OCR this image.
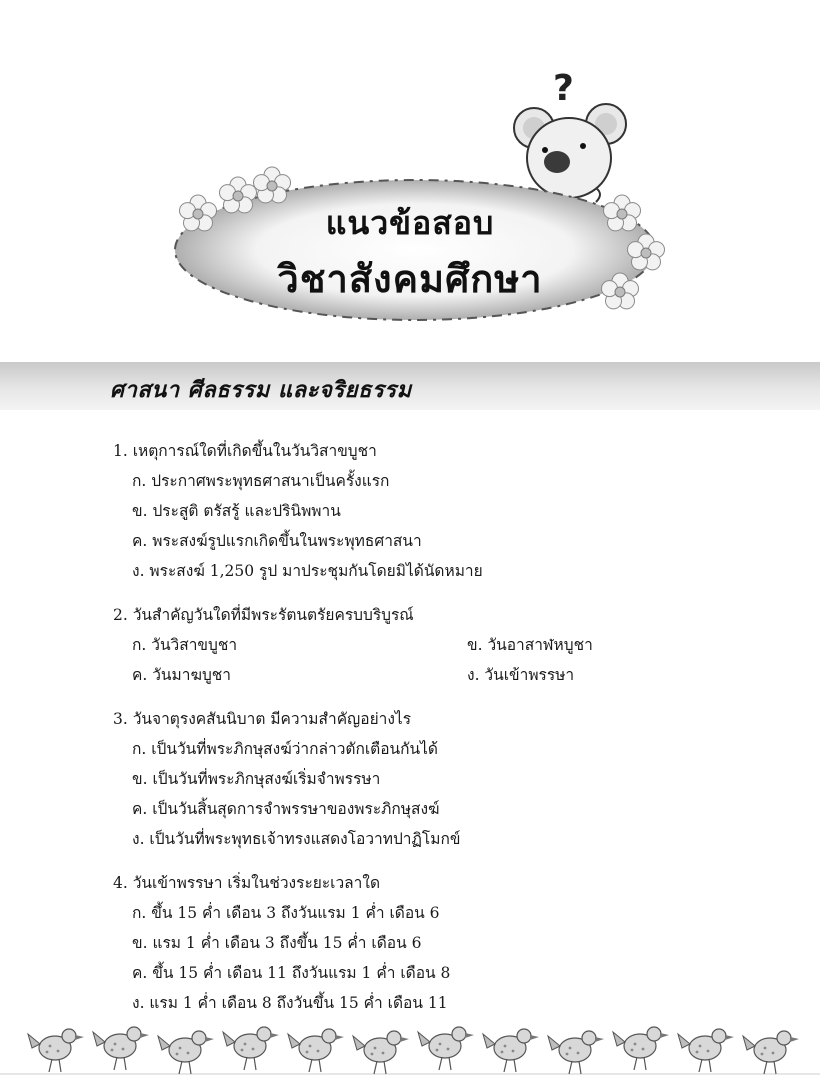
?
แนวข้อสอบ
วิชาสังคมศึกษา
ศาสนา ศีลธรรม และจริยธรรม
1. เหตุการณ์ใดที่เกิดขึ้นในวันวิสาขบูชา
ก. ประกาศพระพุทธศาสนาเป็นครั้งแรก
ข. ประสูติ ตรัสรู้ และปรินิพพาน
ค. พระสงฆ์รูปแรกเกิดขึ้นในพระพุทธศาสนา
ง. พระสงฆ์ 1,250 รูป มาประชุมกันโดยมิได้นัดหมาย
2. วันสำคัญวันใดที่มีพระรัตนตรัยครบบริบูรณ์
ก. วันวิสาขบูชา	ข. วันอาสาฬหบูชา
ค. วันมาฆบูชา	ง. วันเข้าพรรษา
3. วันจาตุรงคสันนิบาต มีความสำคัญอย่างไร
ก. เป็นวันที่พระภิกษุสงฆ์ว่ากล่าวตักเตือนกันได้
ข. เป็นวันที่พระภิกษุสงฆ์เริ่มจำพรรษา
ค. เป็นวันสิ้นสุดการจำพรรษาของพระภิกษุสงฆ์
ง. เป็นวันที่พระพุทธเจ้าทรงแสดงโอวาทปาฏิโมกข์
4. วันเข้าพรรษา เริ่มในช่วงระยะเวลาใด
ก. ขึ้น 15 ค่ำ เดือน 3 ถึงวันแรม 1 ค่ำ เดือน 6
ข. แรม 1 ค่ำ เดือน 3 ถึงขึ้น 15 ค่ำ เดือน 6
ค. ขึ้น 15 ค่ำ เดือน 11 ถึงวันแรม 1 ค่ำ เดือน 8
ง. แรม 1 ค่ำ เดือน 8 ถึงวันขึ้น 15 ค่ำ เดือน 11
